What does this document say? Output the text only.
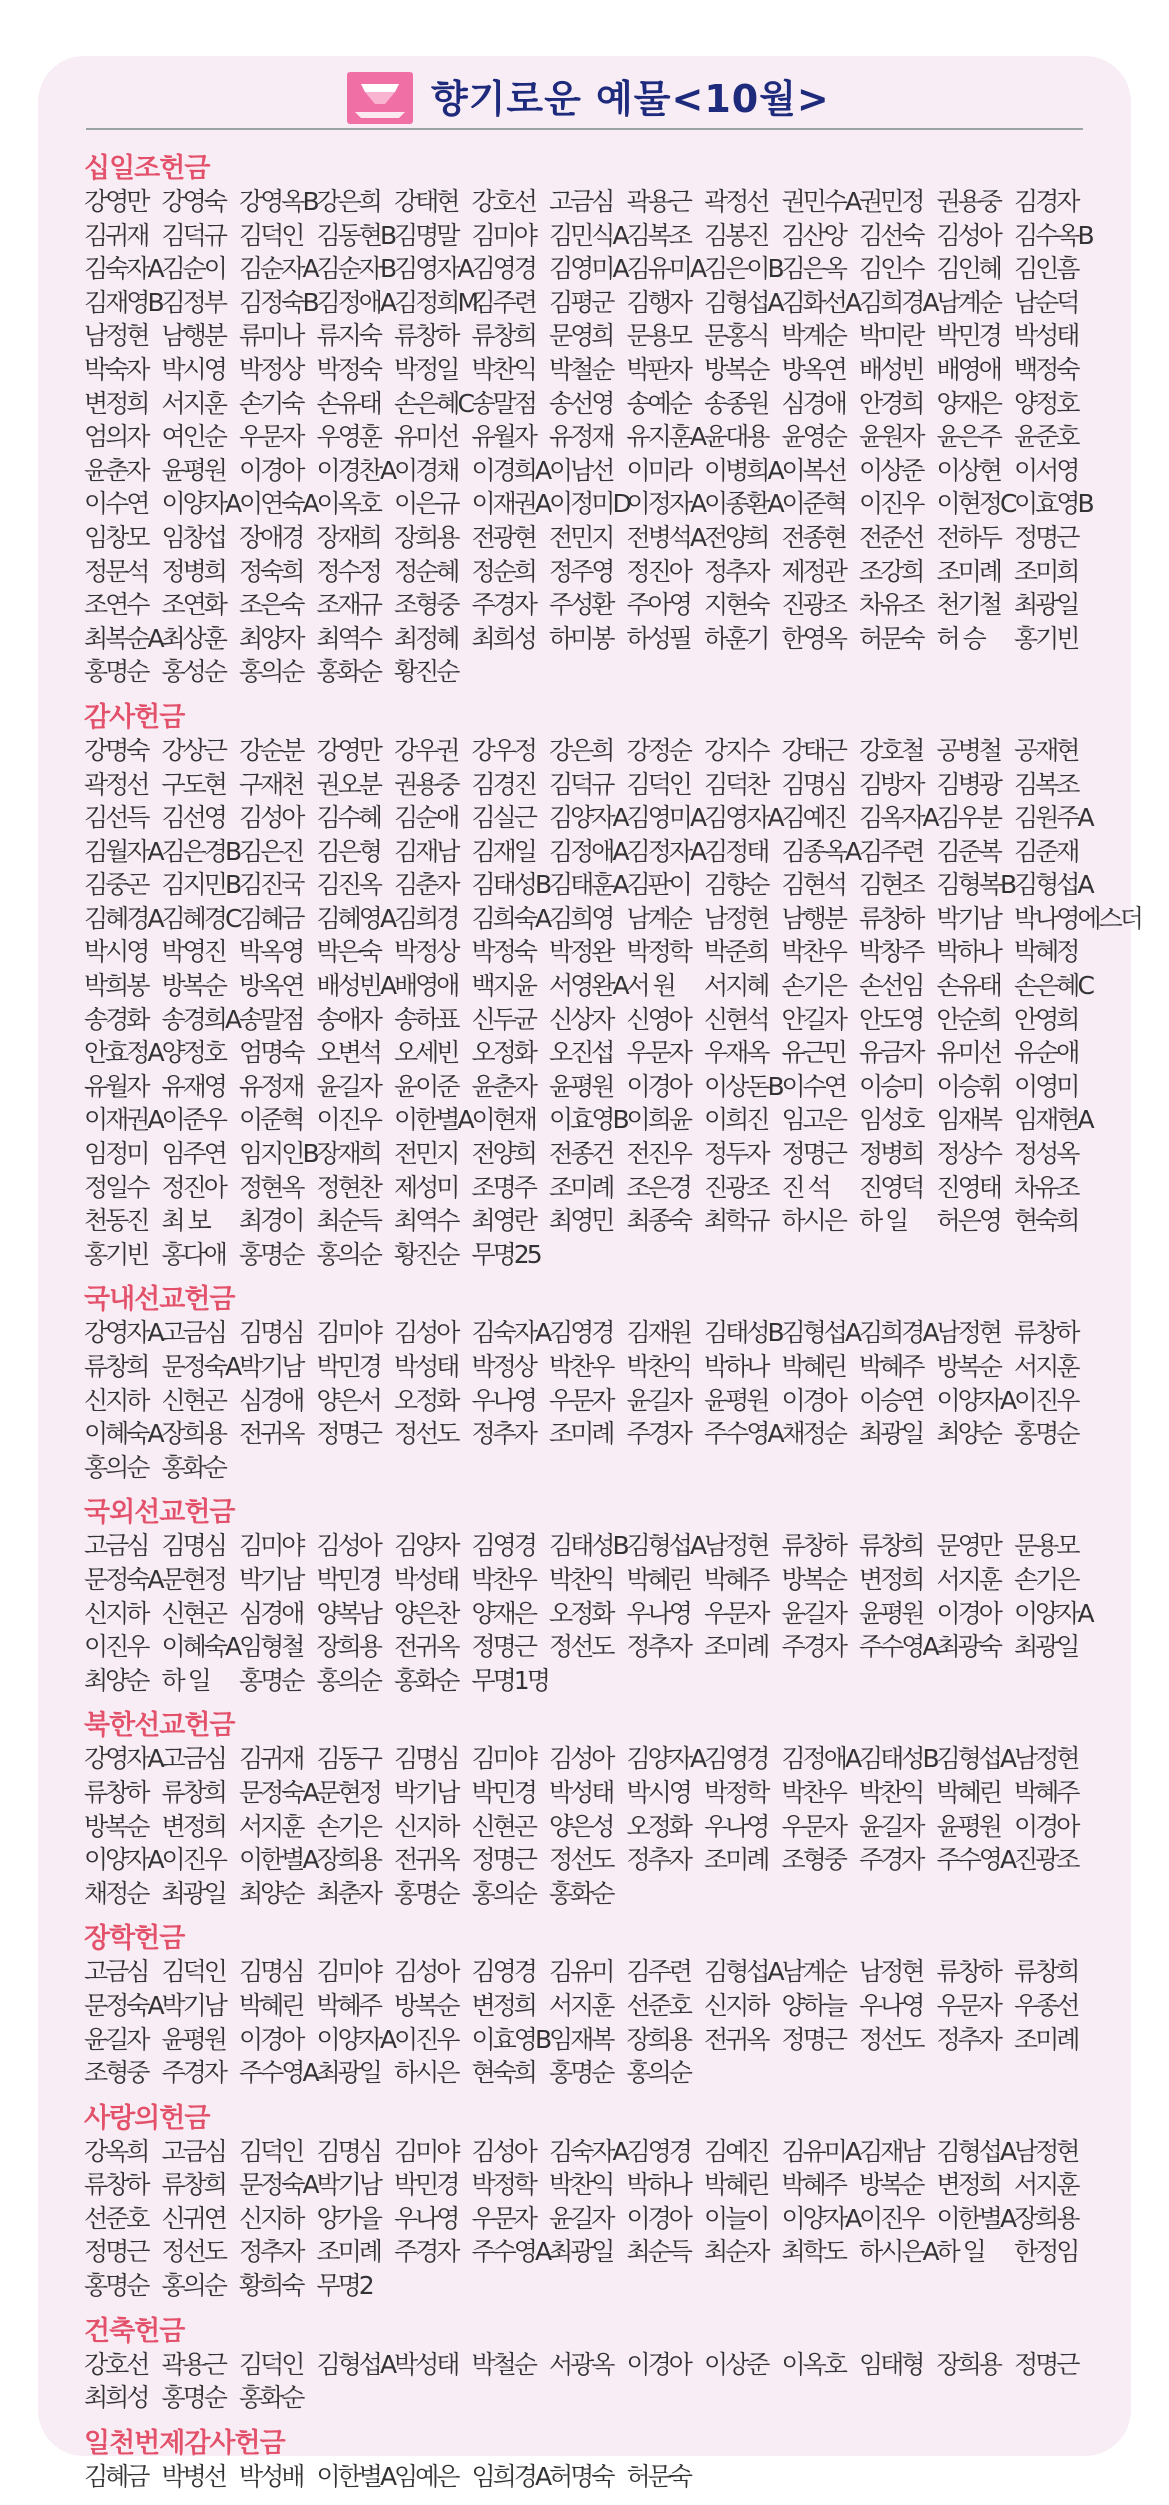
향기로운 예물<10월>
십일조헌금
강영만 강영숙 강영옥B강은희 강태현 강호선 고금심 곽용근 곽정선 권민수A권민정 권용중 김경자김귀재 김덕규 김덕인 김동현B김명말 김미야 김민식A김복조 김봉진 김산앙 김선숙 김성아 김수옥B김숙자A김순이 김순자A김순자B김영자A김영경 김영미A김유미A김은이B김은옥 김인수 김인혜 김인흠김재영B김정부 김정숙B김정애A김정희M김주련 김평군 김행자 김형섭A김화선A김희경A남계순 남순덕남정현 남행분 류미나 류지숙 류창하 류창희 문영희 문용모 문홍식 박계순 박미란 박민경 박성태박숙자 박시영 박정상 박정숙 박정일 박찬익 박철순 박판자 방복순 방옥연 배성빈 배영애 백정숙변정희 서지훈 손기숙 손유태 손은혜C송말점 송선영 송예순 송종원 심경애 안경희 양재은 양정호엄의자 여인순 우문자 우영훈 유미선 유월자 유정재 유지훈A윤대용 윤영순 윤원자 윤은주 윤준호윤춘자 윤평원 이경아 이경찬A이경채 이경희A이남선 이미라 이병희A이복선 이상준 이상현 이서영이수연 이양자A이연숙A이옥호 이은규 이재권A이정미D이정자A이종환A이준혁 이진우 이현정C이효영B임창모 임창섭 장애경 장재희 장희용 전광현 전민지 전병석A전양희 전종현 전준선 전하두 정명근정문석 정병희 정숙희 정수정 정순혜 정순희 정주영 정진아 정추자 제정관 조강희 조미례 조미희조연수 조연화 조은숙 조재규 조형중 주경자 주성환 주아영 지현숙 진광조 차유조 천기철 최광일최복순A최상훈 최양자 최역수 최정혜 최희성 하미봉 하성필 하훈기 한영옥 허문숙 허 승 홍기빈홍명순 홍성순 홍의순 홍화순 황진순
감사헌금
강명숙 강상근 강순분 강영만 강우권 강우정 강은희 강정순 강지수 강태근 강호철 공병철 공재현곽정선 구도현 구재천 권오분 권용중 김경진 김덕규 김덕인 김덕찬 김명심 김방자 김병광 김복조김선득 김선영 김성아 김수혜 김순애 김실근 김양자A김영미A김영자A김예진 김옥자A김우분 김원주A김월자A김은경B김은진 김은형 김재남 김재일 김정애A김정자A김정태 김종옥A김주련 김준복 김준재김중곤 김지민B김진국 김진옥 김춘자 김태성B김태훈A김판이 김향순 김현석 김현조 김형복B김형섭A김혜경A김혜경C김혜금 김혜영A김희경 김희숙A김희영 남계순 남정현 남행분 류창하 박기남 박나영에스더박시영 박영진 박옥영 박은숙 박정상 박정숙 박정완 박정학 박준희 박찬우 박창주 박하나 박혜정박희봉 방복순 방옥연 배성빈A배영애 백지윤 서영완A서 원 서지혜 손기은 손선임 손유태 손은혜C송경화 송경희A송말점 송애자 송하표 신두균 신상자 신영아 신현석 안길자 안도영 안순희 안영희안효정A양정호 엄명숙 오변석 오세빈 오정화 오진섭 우문자 우재옥 유근민 유금자 유미선 유순애유월자 유재영 유정재 윤길자 윤이준 윤춘자 윤평원 이경아 이상돈B이수연 이승미 이승휘 이영미이재권A이준우 이준혁 이진우 이한별A이현재 이효영B이희윤 이희진 임고은 임성호 임재복 임재현A임정미 임주연 임지인B장재희 전민지 전양희 전종건 전진우 정두자 정명근 정병희 정상수 정성옥정일수 정진아 정현옥 정현찬 제성미 조명주 조미례 조은경 진광조 진 석 진영덕 진영태 차유조천동진 최 보 최경이 최순득 최역수 최영란 최영민 최종숙 최학규 하시은 하 일 허은영 현숙희홍기빈 홍다애 홍명순 홍의순 황진순 무명25
국내선교헌금
강영자A고금심 김명심 김미야 김성아 김숙자A김영경 김재원 김태성B김형섭A김희경A남정현 류창하류창희 문정숙A박기남 박민경 박성태 박정상 박찬우 박찬익 박하나 박혜린 박혜주 방복순 서지훈신지하 신현곤 심경애 양은서 오정화 우나영 우문자 윤길자 윤평원 이경아 이승연 이양자A이진우이혜숙A장희용 전귀옥 정명근 정선도 정추자 조미례 주경자 주수영A채정순 최광일 최양순 홍명순홍의순 홍화순
국외선교헌금
고금심 김명심 김미야 김성아 김양자 김영경 김태성B김형섭A남정현 류창하 류창희 문영만 문용모문정숙A문현정 박기남 박민경 박성태 박찬우 박찬익 박혜린 박혜주 방복순 변정희 서지훈 손기은신지하 신현곤 심경애 양복남 양은찬 양재은 오정화 우나영 우문자 윤길자 윤평원 이경아 이양자A이진우 이혜숙A임형철 장희용 전귀옥 정명근 정선도 정추자 조미례 주경자 주수영A최광숙 최광일최양순 하 일 홍명순 홍의순 홍화순 무명1명
북한선교헌금
강영자A고금심 김귀재 김동구 김명심 김미야 김성아 김양자A김영경 김정애A김태성B김형섭A남정현류창하 류창희 문정숙A문현정 박기남 박민경 박성태 박시영 박정학 박찬우 박찬익 박혜린 박혜주방복순 변정희 서지훈 손기은 신지하 신현곤 양은성 오정화 우나영 우문자 윤길자 윤평원 이경아이양자A이진우 이한별A장희용 전귀옥 정명근 정선도 정추자 조미례 조형중 주경자 주수영A진광조채정순 최광일 최양순 최춘자 홍명순 홍의순 홍화순
장학헌금
고금심 김덕인 김명심 김미야 김성아 김영경 김유미 김주련 김형섭A남계순 남정현 류창하 류창희문정숙A박기남 박혜린 박혜주 방복순 변정희 서지훈 선준호 신지하 양하늘 우나영 우문자 우종선윤길자 윤평원 이경아 이양자A이진우 이효영B임재복 장희용 전귀옥 정명근 정선도 정추자 조미례조형중 주경자 주수영A최광일 하시은 현숙희 홍명순 홍의순
사랑의헌금
강옥희 고금심 김덕인 김명심 김미야 김성아 김숙자A김영경 김예진 김유미A김재남 김형섭A남정현류창하 류창희 문정숙A박기남 박민경 박정학 박찬익 박하나 박혜린 박혜주 방복순 변정희 서지훈선준호 신귀연 신지하 양가을 우나영 우문자 윤길자 이경아 이늘이 이양자A이진우 이한별A장희용정명근 정선도 정추자 조미례 주경자 주수영A최광일 최순득 최순자 최학도 하시은A하 일 한정임홍명순 홍의순 황희숙 무명2
건축헌금
강호선 곽용근 김덕인 김형섭A박성태 박철순 서광옥 이경아 이상준 이옥호 임태형 장희용 정명근최희성 홍명순 홍화순
일천번제감사헌금
김혜금 박병선 박성배 이한별A임예은 임희경A허명숙 허문숙
